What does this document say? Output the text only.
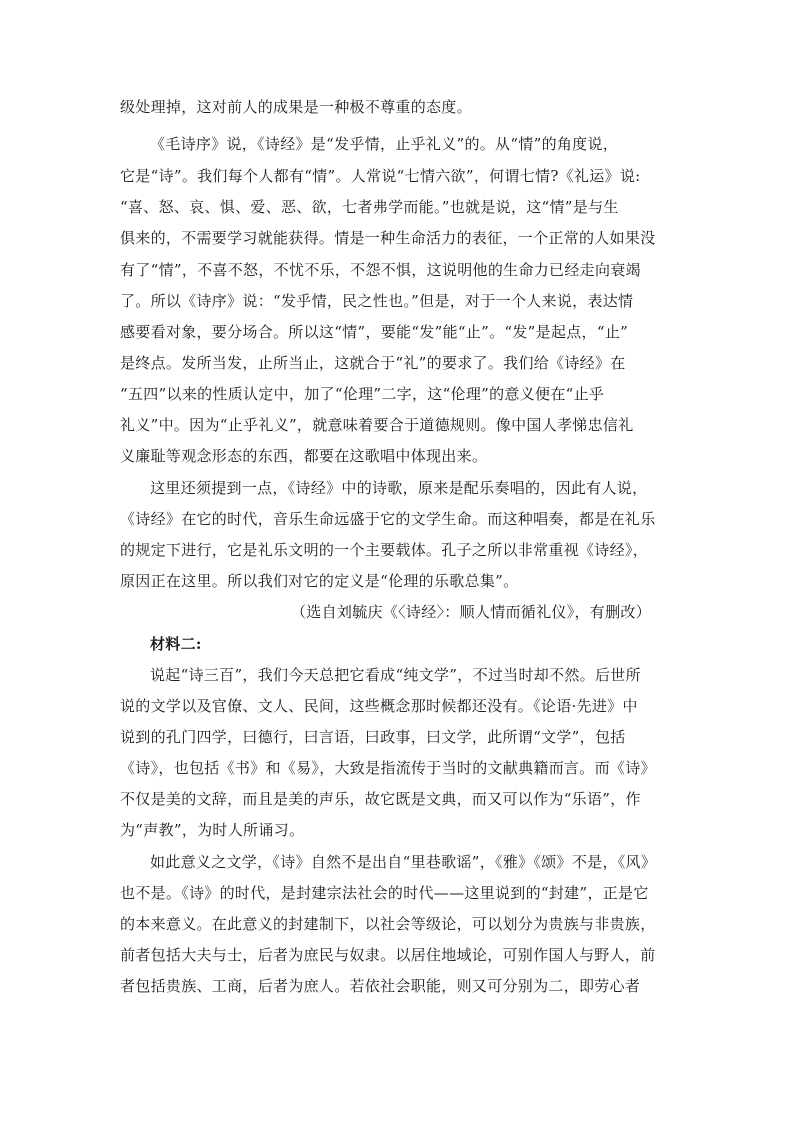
级处理掉，这对前人的成果是一种极不尊重的态度。
《毛诗序》说，《诗经》是“发乎情，止乎礼义”的。从“情”的角度说，
它是“诗”。我们每个人都有“情”。人常说“七情六欲”，何谓七情?《礼运》说:
“喜、怒、哀、惧、爱、恶、欲，七者弗学而能。”也就是说，这“情”是与生
俱来的，不需要学习就能获得。情是一种生命活力的表征，一个正常的人如果没
有了“情”，不喜不怒，不忧不乐，不怨不惧，这说明他的生命力已经走向衰竭
了。所以《诗序》说：“发乎情，民之性也。”但是，对于一个人来说，表达情
感要看对象，要分场合。所以这“情”，要能“发”能“止”。“发”是起点，“止”
是终点。发所当发，止所当止，这就合于“礼”的要求了。我们给《诗经》在
“五四”以来的性质认定中，加了“伦理”二字，这“伦理”的意义便在“止乎
礼义”中。因为“止乎礼义”，就意味着要合于道德规则。像中国人孝悌忠信礼
义廉耻等观念形态的东西，都要在这歌唱中体现出来。
这里还须提到一点，《诗经》中的诗歌，原来是配乐奏唱的，因此有人说，
《诗经》在它的时代，音乐生命远盛于它的文学生命。而这种唱奏，都是在礼乐
的规定下进行，它是礼乐文明的一个主要载体。孔子之所以非常重视《诗经》，
原因正在这里。所以我们对它的定义是“伦理的乐歌总集”。
（选自刘毓庆《〈诗经〉：顺人情而循礼仪》，有删改）
材料二:
说起“诗三百”，我们今天总把它看成“纯文学”，不过当时却不然。后世所
说的文学以及官僚、文人、民间，这些概念那时候都还没有。《论语·先进》中
说到的孔门四学，曰德行，曰言语，曰政事，曰文学，此所谓“文学”，包括
《诗》，也包括《书》和《易》，大致是指流传于当时的文献典籍而言。而《诗》
不仅是美的文辞，而且是美的声乐，故它既是文典，而又可以作为“乐语”，作
为“声教”，为时人所诵习。
如此意义之文学，《诗》自然不是出自“里巷歌谣”，《雅》《颂》不是，《风》
也不是。《诗》的时代，是封建宗法社会的时代——这里说到的“封建”，正是它
的本来意义。在此意义的封建制下，以社会等级论，可以划分为贵族与非贵族，
前者包括大夫与士，后者为庶民与奴隶。以居住地域论，可别作国人与野人，前
者包括贵族、工商，后者为庶人。若依社会职能，则又可分别为二，即劳心者
